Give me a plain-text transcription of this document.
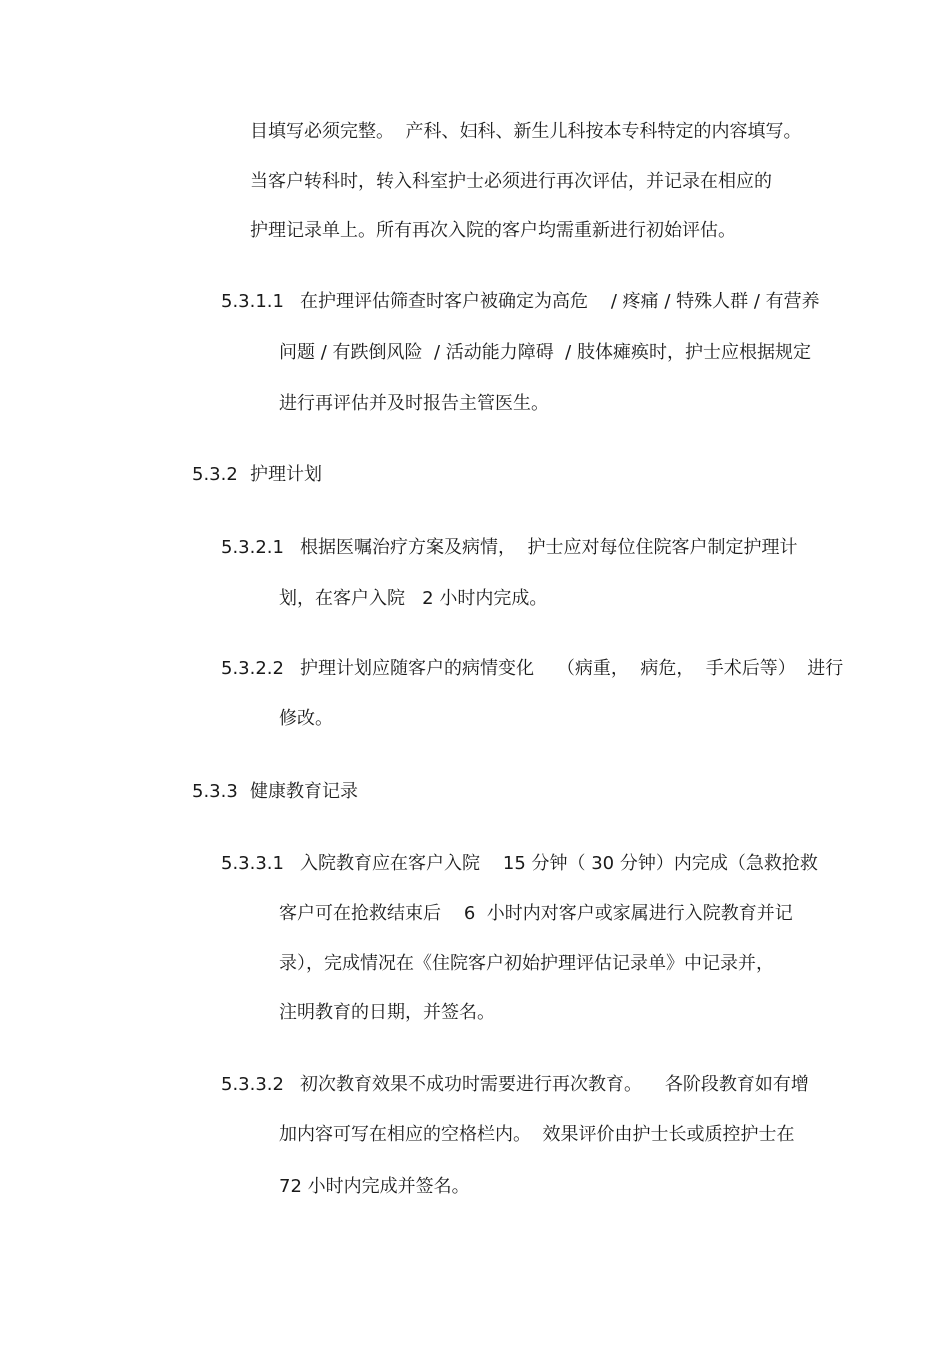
目填写必须完整。  产科、妇科、新生儿科按本专科特定的内容填写。
当客户转科时，转入科室护士必须进行再次评估，并记录在相应的
护理记录单上。所有再次入院的客户均需重新进行初始评估。
5.3.1.1 在护理评估筛查时客户被确定为高危    / 疼痛 / 特殊人群 / 有营养
问题 / 有跌倒风险  / 活动能力障碍  / 肢体瘫痪时，护士应根据规定
进行再评估并及时报告主管医生。
5.3.2 护理计划
5.3.2.1 根据医嘱治疗方案及病情，  护士应对每位住院客户制定护理计
划，在客户入院   2 小时内完成。
5.3.2.2 护理计划应随客户的病情变化    （病重，  病危，  手术后等）  进行
修改。
5.3.3 健康教育记录
5.3.3.1 入院教育应在客户入院    15 分钟（ 30 分钟）内完成（急救抢救
客户可在抢救结束后    6  小时内对客户或家属进行入院教育并记
录），完成情况在《住院客户初始护理评估记录单》中记录并，
注明教育的日期，并签名。
5.3.3.2 初次教育效果不成功时需要进行再次教育。    各阶段教育如有增
加内容可写在相应的空格栏内。  效果评价由护士长或质控护士在
72 小时内完成并签名。
